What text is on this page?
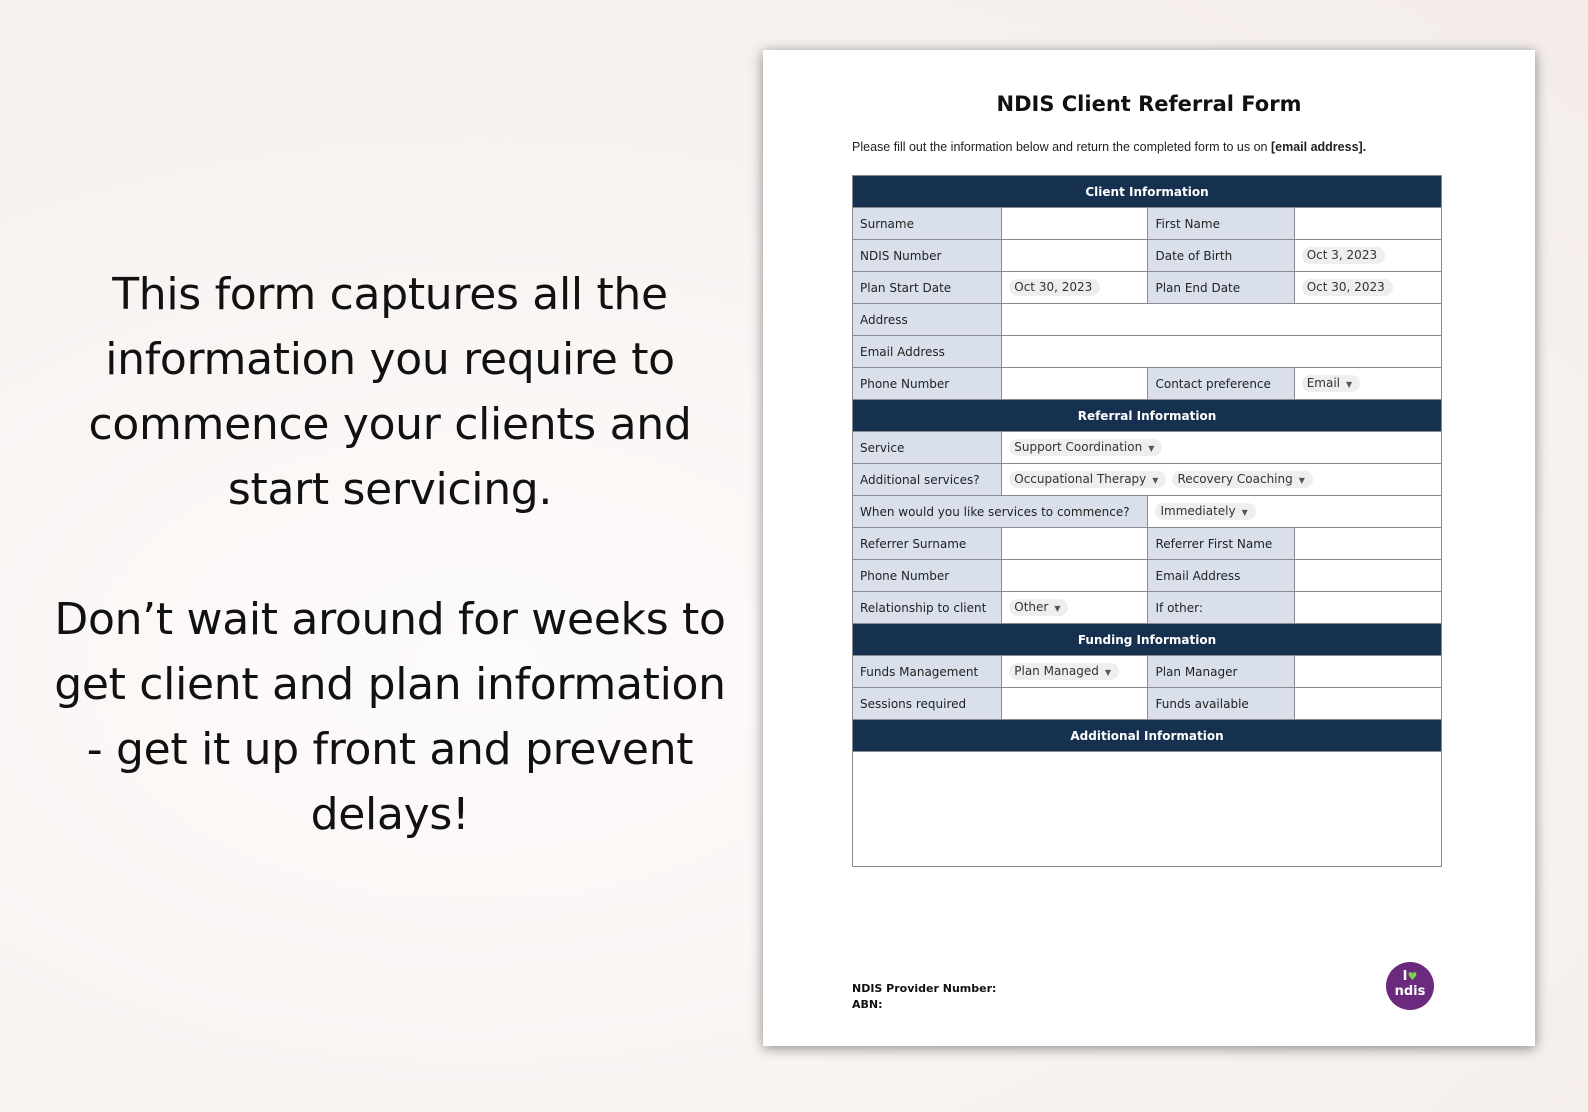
This form captures all the information you require to commence your clients and start servicing.

Don’t wait around for weeks to get client and plan information - get it up front and prevent delays!

NDIS Client Referral Form
Please fill out the information below and return the completed form to us on [email address].
Client Information			
Surname		First Name	
NDIS Number		Date of Birth	Oct 3, 2023
Plan Start Date	Oct 30, 2023	Plan End Date	Oct 30, 2023
Address			
Email Address			
Phone Number		Contact preference	Email ▼
Referral Information			
Service	Support Coordination ▼		
Additional services?	Occupational Therapy ▼ Recovery Coaching ▼		
When would you like services to commence?		Immediately ▼	
Referrer Surname		Referrer First Name	
Phone Number		Email Address	
Relationship to client	Other ▼	If other:	
Funding Information			
Funds Management	Plan Managed ▼	Plan Manager	
Sessions required		Funds available	
Additional Information			

NDIS Provider Number:
ABN:
I♥
ndis
